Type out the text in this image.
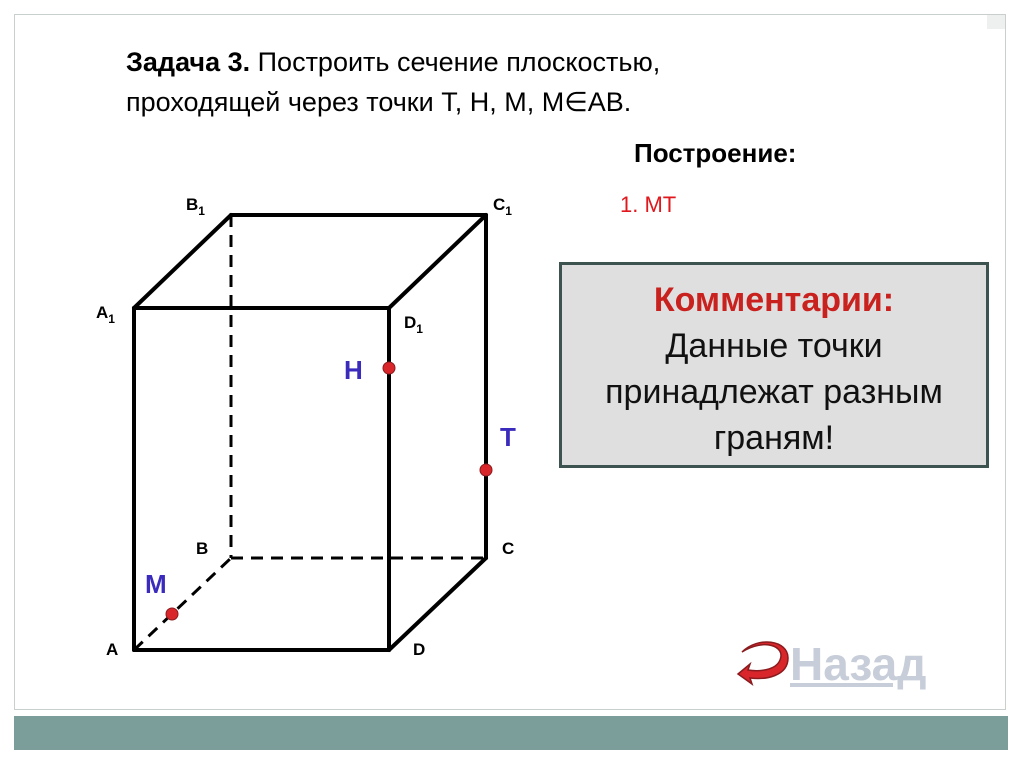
Задача 3. Построить сечение плоскостью,
проходящей через точки Т, Н, М, М∈АВ.
Построение:
1. МТ
$B_1$	$C_1$
$A_1$	$D_1$
B	C
A	D
Н
T
M
Комментарии:
Данные точки
принадлежат разным
граням!
Назад
